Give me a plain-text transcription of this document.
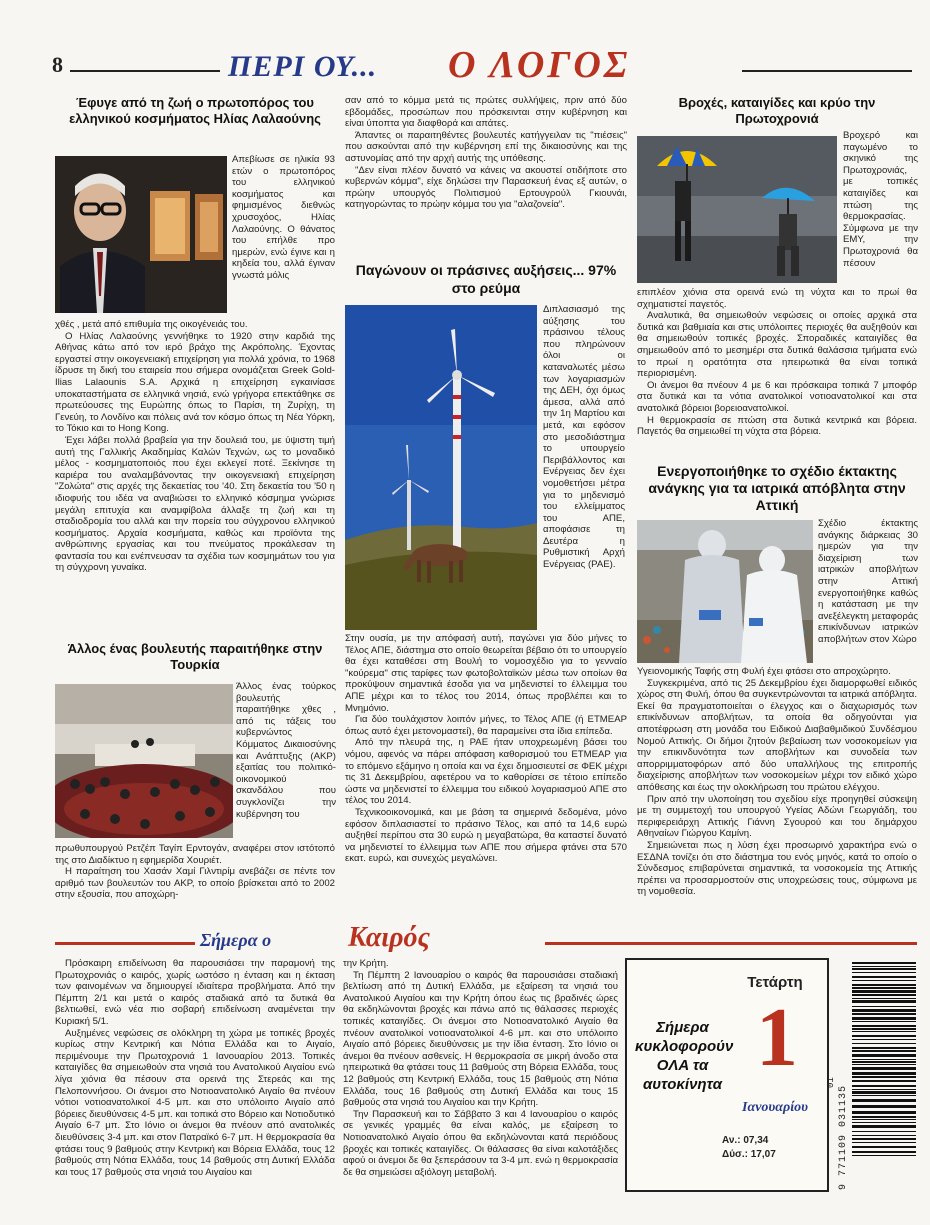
8	ΠΕΡΙ ΟΥ... Ο ΛΟΓΟΣ
Έφυγε από τη ζωή ο πρωτοπόρος του ελληνικού κοσμήματος Ηλίας Λαλαούνης
Απεβίωσε σε ηλικία 93 ετών ο πρωτοπόρος του ελληνικού κοσμήματος και φημισμένος διεθνώς χρυσοχόος, Ηλίας Λαλαούνης. Ο θάνατος του επήλθε προ ημερών, ενώ έγινε και η κηδεία του, αλλά έγιναν γνωστά μόλις

χθές , μετά από επιθυμία της οικογένειάς του.

Ο Ηλίας Λαλαούνης γεννήθηκε το 1920 στην καρδιά της Αθήνας κάτω από τον ιερό βράχο της Ακρόπολης. Έχοντας εργαστεί στην οικογενειακή επιχείρηση για πολλά χρόνια, το 1968 ίδρυσε τη δική του εταιρεία που σήμερα ονομάζεται Greek Gold-Ilias Lalaounis S.A. Αρχικά η επιχείρηση εγκαινίασε υποκαταστήματα σε ελληνικά νησιά, ενώ γρήγορα επεκτάθηκε σε πρωτεύουσες της Ευρώπης όπως το Παρίσι, τη Ζυρίχη, τη Γενεύη, το Λονδίνο και πόλεις ανά τον κόσμο όπως τη Νέα Υόρκη, το Τόκιο και το Hong Kong.

Έχει λάβει πολλά βραβεία για την δουλειά του, με ύψιστη τιμή αυτή της Γαλλικής Ακαδημίας Καλών Τεχνών, ως το μοναδικό μέλος - κοσμηματοποιός που έχει εκλεγεί ποτέ. Ξεκίνησε τη καριέρα του αναλαμβάνοντας την οικογενειακή επιχείρηση "Ζολώτα" στις αρχές της δεκαετίας του '40. Στη δεκαετία του '50 η ιδιοφυής του ιδέα να αναβιώσει το ελληνικό κόσμημα γνώρισε μεγάλη επιτυχία και αναμφίβολα άλλαξε τη ζωή και τη σταδιοδρομία του αλλά και την πορεία του σύγχρονου ελληνικού κοσμήματος. Αρχαία κοσμήματα, καθώς και προϊόντα της ανθρώπινης εργασίας και του πνεύματος προκάλεσαν τη φαντασία του και ενέπνευσαν τα σχέδια των κοσμημάτων του για τη σύγχρονη γυναίκα.

Άλλος ένας βουλευτής παραιτήθηκε στην Τουρκία
Άλλος ένας τούρκος βουλευτής παραιτήθηκε χθες , από τις τάξεις του κυβερνώντος Κόμματος Δικαιοσύνης και Ανάπτυξης (AKP) εξαιτίας του πολιτικό-οικονομικού σκανδάλου που συγκλονίζει την κυβέρνηση του

πρωθυπουργού Ρετζέπ Ταγίπ Ερντογάν, αναφέρει στον ιστότοπό της στο Διαδίκτυο η εφημερίδα Χουριέτ.

Η παραίτηση του Χασάν Χαμί Γιλντιρίμ ανεβάζει σε πέντε τον αριθμό των βουλευτών του AKP, το οποίο βρίσκεται από το 2002 στην εξουσία, που αποχώρη-

σαν από το κόμμα μετά τις πρώτες συλλήψεις, πριν από δύο εβδομάδες, προσώπων που πρόσκεινται στην κυβέρνηση και είναι ύποπτα για διαφθορά και απάτες.

Άπαντες οι παραιτηθέντες βουλευτές κατήγγειλαν τις "πιέσεις" που ασκούνται από την κυβέρνηση επί της δικαιοσύνης και της αστυνομίας από την αρχή αυτής της υπόθεσης.

"Δεν είναι πλέον δυνατό να κάνεις να ακουστεί οτιδήποτε στο κυβερνών κόμμα", είχε δηλώσει την Παρασκευή ένας εξ αυτών, ο πρώην υπουργός Πολιτισμού Ερτουγρούλ Γκιουνάι, κατηγορώντας το πρώην κόμμα του για "αλαζονεία".

Παγώνουν οι πράσινες αυξήσεις... 97% στο ρεύμα
Διπλασιασμό της αύξησης του πράσινου τέλους που πληρώνουν όλοι οι καταναλωτές μέσω των λογαριασμών της ΔΕΗ, όχι όμως άμεσα, αλλά από την 1η Μαρτίου και μετά, και εφόσον στο μεσοδιάστημα το υπουργείο Περιβάλλοντος και Ενέργειας δεν έχει νομοθετήσει μέτρα για το μηδενισμό του ελλείμματος του ΑΠΕ, αποφάσισε τη Δευτέρα η Ρυθμιστική Αρχή Ενέργειας (ΡΑΕ).

Στην ουσία, με την απόφασή αυτή, παγώνει για δύο μήνες το Τέλος ΑΠΕ, διάστημα στο οποίο θεωρείται βέβαιο ότι το υπουργείο θα έχει καταθέσει στη Βουλή το νομοσχέδιο για το γενναίο "κούρεμα" στις ταρίφες των φωτοβολταϊκών μέσω των οποίων θα προκύψουν σημαντικά έσοδα για να μηδενιστεί το έλλειμμα του ΑΠΕ μέχρι και το τέλος του 2014, όπως προβλέπει και το Μνημόνιο.

Για δύο τουλάχιστον λοιπόν μήνες, το Τέλος ΑΠΕ (ή ΕΤΜΕΑΡ όπως αυτό έχει μετονομαστεί), θα παραμείνει στα ίδια επίπεδα.

Από την πλευρά της, η ΡΑΕ ήταν υποχρεωμένη βάσει του νόμου, αφενός να πάρει απόφαση καθορισμού του ΕΤΜΕΑΡ για το επόμενο εξάμηνο η οποία και να έχει δημοσιευτεί σε ΦΕΚ μέχρι τις 31 Δεκεμβρίου, αφετέρου να το καθορίσει σε τέτοιο επίπεδο ώστε να μηδενιστεί το έλλειμμα του ειδικού λογαριασμού ΑΠΕ στο τέλος του 2014.

Τεχνικοοικονομικά, και με βάση τα σημερινά δεδομένα, μόνο εφόσον διπλασιαστεί το πράσινο Τέλος, και από τα 14,6 ευρώ αυξηθεί περίπου στα 30 ευρώ η μεγαβατώρα, θα καταστεί δυνατό να μηδενιστεί το έλλειμμα των ΑΠΕ που σήμερα φτάνει στα 570 εκατ. ευρώ, και συνεχώς μεγαλώνει.

Βροχές, καταιγίδες και κρύο την Πρωτοχρονιά
Βροχερό και παγωμένο το σκηνικό της Πρωτοχρονιάς, με τοπικές καταιγίδες και πτώση της θερμοκρασίας. Σύμφωνα με την ΕΜΥ, την Πρωτοχρονιά θα πέσουν

επιπλέον χιόνια στα ορεινά ενώ τη νύχτα και το πρωί θα σχηματιστεί παγετός.

Αναλυτικά, θα σημειωθούν νεφώσεις οι οποίες αρχικά στα δυτικά και βαθμιαία και στις υπόλοιπες περιοχές θα αυξηθούν και θα σημειωθούν τοπικές βροχές. Σποραδικές καταιγίδες θα σημειωθούν από το μεσημέρι στα δυτικά θαλάσσια τμήματα ενώ το πρωί η ορατότητα στα ηπειρωτικά θα είναι τοπικά περιορισμένη.

Οι άνεμοι θα πνέουν 4 με 6 και πρόσκαιρα τοπικά 7 μποφόρ στα δυτικά και τα νότια ανατολικοί νοτιοανατολικοί και στα ανατολικά βόρειοι βορειοανατολικοί.

Η θερμοκρασία σε πτώση στα δυτικά κεντρικά και βόρεια. Παγετός θα σημειωθεί τη νύχτα στα βόρεια.

Ενεργοποιήθηκε το σχέδιο έκτακτης ανάγκης για τα ιατρικά απόβλητα στην Αττική
Σχέδιο έκτακτης ανάγκης διάρκειας 30 ημερών για την διαχείριση των ιατρικών αποβλήτων στην Αττική ενεργοποιήθηκε καθώς η κατάσταση με την ανεξέλεγκτη μεταφοράς επικίνδυνων ιατρικών αποβλήτων στον Χώρο

Υγειονομικής Ταφής στη Φυλή έχει φτάσει στο απροχώρητο.

Συγκεκριμένα, από τις 25 Δεκεμβρίου έχει διαμορφωθεί ειδικός χώρος στη Φυλή, όπου θα συγκεντρώνονται τα ιατρικά απόβλητα. Εκεί θα πραγματοποιείται ο έλεγχος και ο διαχωρισμός των επικίνδυνων αποβλήτων, τα οποία θα οδηγούνται για αποτέφρωση στη μονάδα του Ειδικού Διαβαθμιδικού Συνδέσμου Νομού Αττικής. Οι δήμοι ζητούν βεβαίωση των νοσοκομείων για την επικινδυνότητα των αποβλήτων και συνοδεία των απορριμματοφόρων από δύο υπαλλήλους της επιτροπής διαχείρισης αποβλήτων των νοσοκομείων μέχρι τον ειδικό χώρο απόθεσης και έως την ολοκλήρωση του πρώτου ελέγχου.

Πριν από την υλοποίηση του σχεδίου είχε προηγηθεί σύσκεψη με τη συμμετοχή του υπουργού Υγείας Αδώνι Γεωργιάδη, του περιφερειάρχη Αττικής Γιάννη Σγουρού και του δημάρχου Αθηναίων Γιώργου Καμίνη.

Σημειώνεται πως η λύση έχει προσωρινό χαρακτήρα ενώ ο ΕΣΔΝΑ τονίζει ότι στο διάστημα του ενός μηνός, κατά το οποίο ο Σύνδεσμος επιβαρύνεται σημαντικά, τα νοσοκομεία της Αττικής πρέπει να προσαρμοστούν στις υποχρεώσεις τους, σύμφωνα με τη νομοθεσία.

Σήμερα ο	Καιρός

Πρόσκαιρη επιδείνωση θα παρουσιάσει την παραμονή της Πρωτοχρονιάς ο καιρός, χωρίς ωστόσο η ένταση και η έκταση των φαινομένων να δημιουργεί ιδιαίτερα προβλήματα. Από την Πέμπτη 2/1 και μετά ο καιρός σταδιακά από τα δυτικά θα βελτιωθεί, ενώ νέα πιο σοβαρή επιδείνωση αναμένεται την Κυριακή 5/1.

Αυξημένες νεφώσεις σε ολόκληρη τη χώρα με τοπικές βροχές κυρίως στην Κεντρική και Νότια Ελλάδα και το Αιγαίο, περιμένουμε την Πρωτοχρονιά 1 Ιανουαρίου 2013. Τοπικές καταιγίδες θα σημειωθούν στα νησιά του Ανατολικού Αιγαίου ενώ λίγα χιόνια θα πέσουν στα ορεινά της Στερεάς και της Πελοποννήσου. Οι άνεμοι στο Νοτιοανατολικό Αιγαίο θα πνέουν νότιοι νοτιοανατολικοί 4-5 μπ. και στο υπόλοιπο Αιγαίο από βόρειες διευθύνσεις 4-5 μπ. και τοπικά στο Βόρειο και Νοτιοδυτικό Αιγαίο 6-7 μπ. Στο Ιόνιο οι άνεμοι θα πνέουν από ανατολικές διευθύνσεις 3-4 μπ. και στον Πατραϊκό 6-7 μπ. Η θερμοκρασία θα φτάσει τους 9 βαθμούς στην Κεντρική και Βόρεια Ελλάδα, τους 12 βαθμούς στη Νότια Ελλάδα, τους 14 βαθμούς στη Δυτική Ελλάδα και τους 17 βαθμούς στα νησιά του Αιγαίου και

την Κρήτη.

Τη Πέμπτη 2 Ιανουαρίου ο καιρός θα παρουσιάσει σταδιακή βελτίωση από τη Δυτική Ελλάδα, με εξαίρεση τα νησιά του Ανατολικού Αιγαίου και την Κρήτη όπου έως τις βραδινές ώρες θα εκδηλώνονται βροχές και πάνω από τις θάλασσες περιοχές τοπικές καταιγίδες. Οι άνεμοι στο Νοτιοανατολικό Αιγαίο θα πνέουν ανατολικοί νοτιοανατολικοί 4-6 μπ. και στο υπόλοιπο Αιγαίο από βόρειες διευθύνσεις με την ίδια ένταση. Στο Ιόνιο οι άνεμοι θα πνέουν ασθενείς. Η θερμοκρασία σε μικρή άνοδο στα ηπειρωτικά θα φτάσει τους 11 βαθμούς στη Βόρεια Ελλάδα, τους 12 βαθμούς στη Κεντρική Ελλάδα, τους 15 βαθμούς στη Νότια Ελλάδα, τους 16 βαθμούς στη Δυτική Ελλάδα και τους 15 βαθμούς στα νησιά του Αιγαίου και την Κρήτη.

Την Παρασκευή και το Σάββατο 3 και 4 Ιανουαρίου ο καιρός σε γενικές γραμμές θα είναι καλός, με εξαίρεση το Νοτιοανατολικό Αιγαίο όπου θα εκδηλώνονται κατά περιόδους βροχές και τοπικές καταιγίδες. Οι θάλασσες θα είναι καλοτάξιδες αφού οι άνεμοι δε θα ξεπεράσουν τα 3-4 μπ. ενώ η θερμοκρασία δε θα σημειώσει αξιόλογη μεταβολή.

Σήμερα κυκλοφορούν ΟΛΑ τα αυτοκίνητα
Τετάρτη
1
Ιανουαρίου
Αν.: 07,34
Δύσ.: 17,07
01
9 771109 031135
